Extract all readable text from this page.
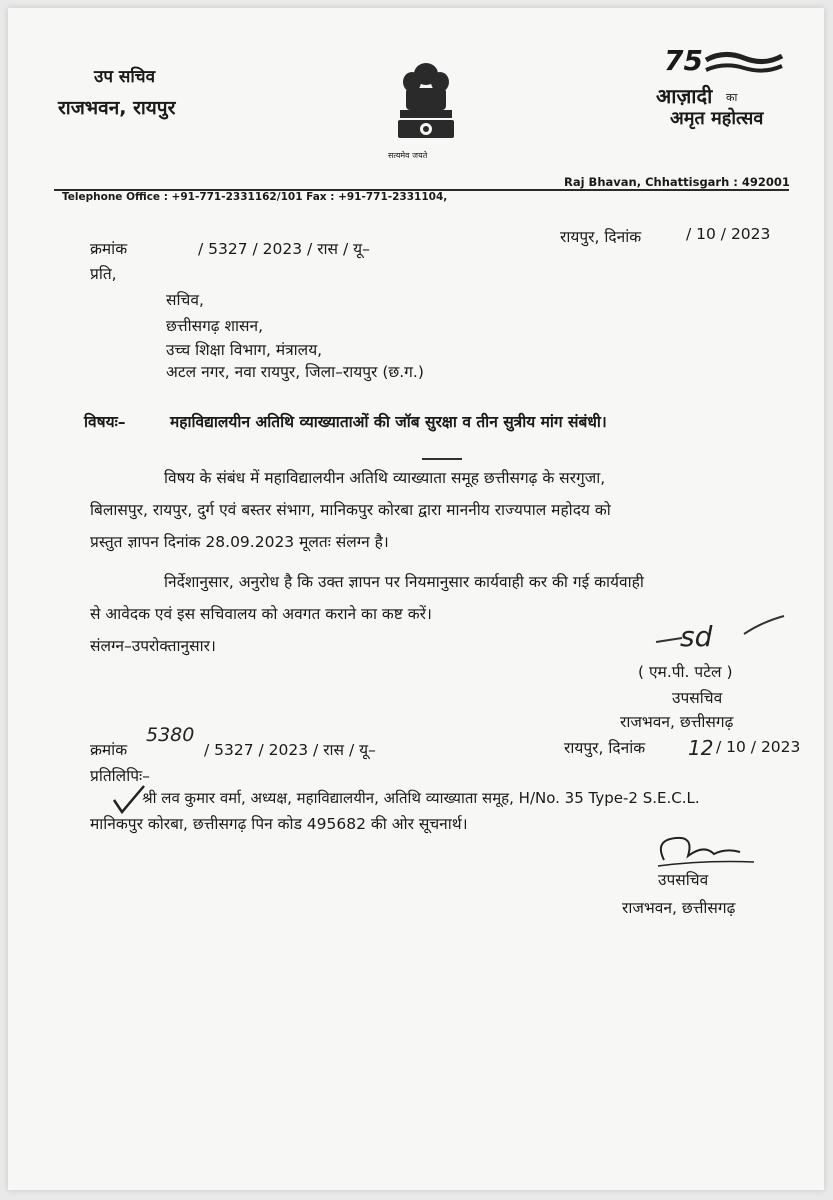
उप सचिव
राजभवन, रायपुर
सत्यमेव जयते
75
आज़ादी का
अमृत महोत्सव
Telephone Office : +91-771-2331162/101 Fax : +91-771-2331104,
Raj Bhavan, Chhattisgarh : 492001
क्रमांक	/ 5327 / 2023 / रास / यू–
रायपुर, दिनांक	/ 10 / 2023
प्रति,
सचिव,
छत्तीसगढ़ शासन,
उच्च शिक्षा विभाग, मंत्रालय,
अटल नगर, नवा रायपुर, जिला–रायपुर (छ.ग.)
विषयः–	महाविद्यालयीन अतिथि व्याख्याताओं की जॉब सुरक्षा व तीन सुत्रीय मांग संबंधी।
विषय के संबंध में महाविद्यालयीन अतिथि व्याख्याता समूह छत्तीसगढ़ के सरगुजा,
बिलासपुर, रायपुर, दुर्ग एवं बस्तर संभाग, मानिकपुर कोरबा द्वारा माननीय राज्यपाल महोदय को
प्रस्तुत ज्ञापन दिनांक 28.09.2023 मूलतः संलग्न है।
निर्देशानुसार, अनुरोध है कि उक्त ज्ञापन पर नियमानुसार कार्यवाही कर की गई कार्यवाही
से आवेदक एवं इस सचिवालय को अवगत कराने का कष्ट करें।
संलग्न–उपरोक्तानुसार।	sd
( एम.पी. पटेल )
उपसचिव
राजभवन, छत्तीसगढ़
क्रमांक
5380
/ 5327 / 2023 / रास / यू–	रायपुर, दिनांक 12 / 10 / 2023
प्रतिलिपिः–
श्री लव कुमार वर्मा, अध्यक्ष, महाविद्यालयीन, अतिथि व्याख्याता समूह, H/No. 35 Type-2 S.E.C.L.
मानिकपुर कोरबा, छत्तीसगढ़ पिन कोड 495682 की ओर सूचनार्थ।
उपसचिव
राजभवन, छत्तीसगढ़
